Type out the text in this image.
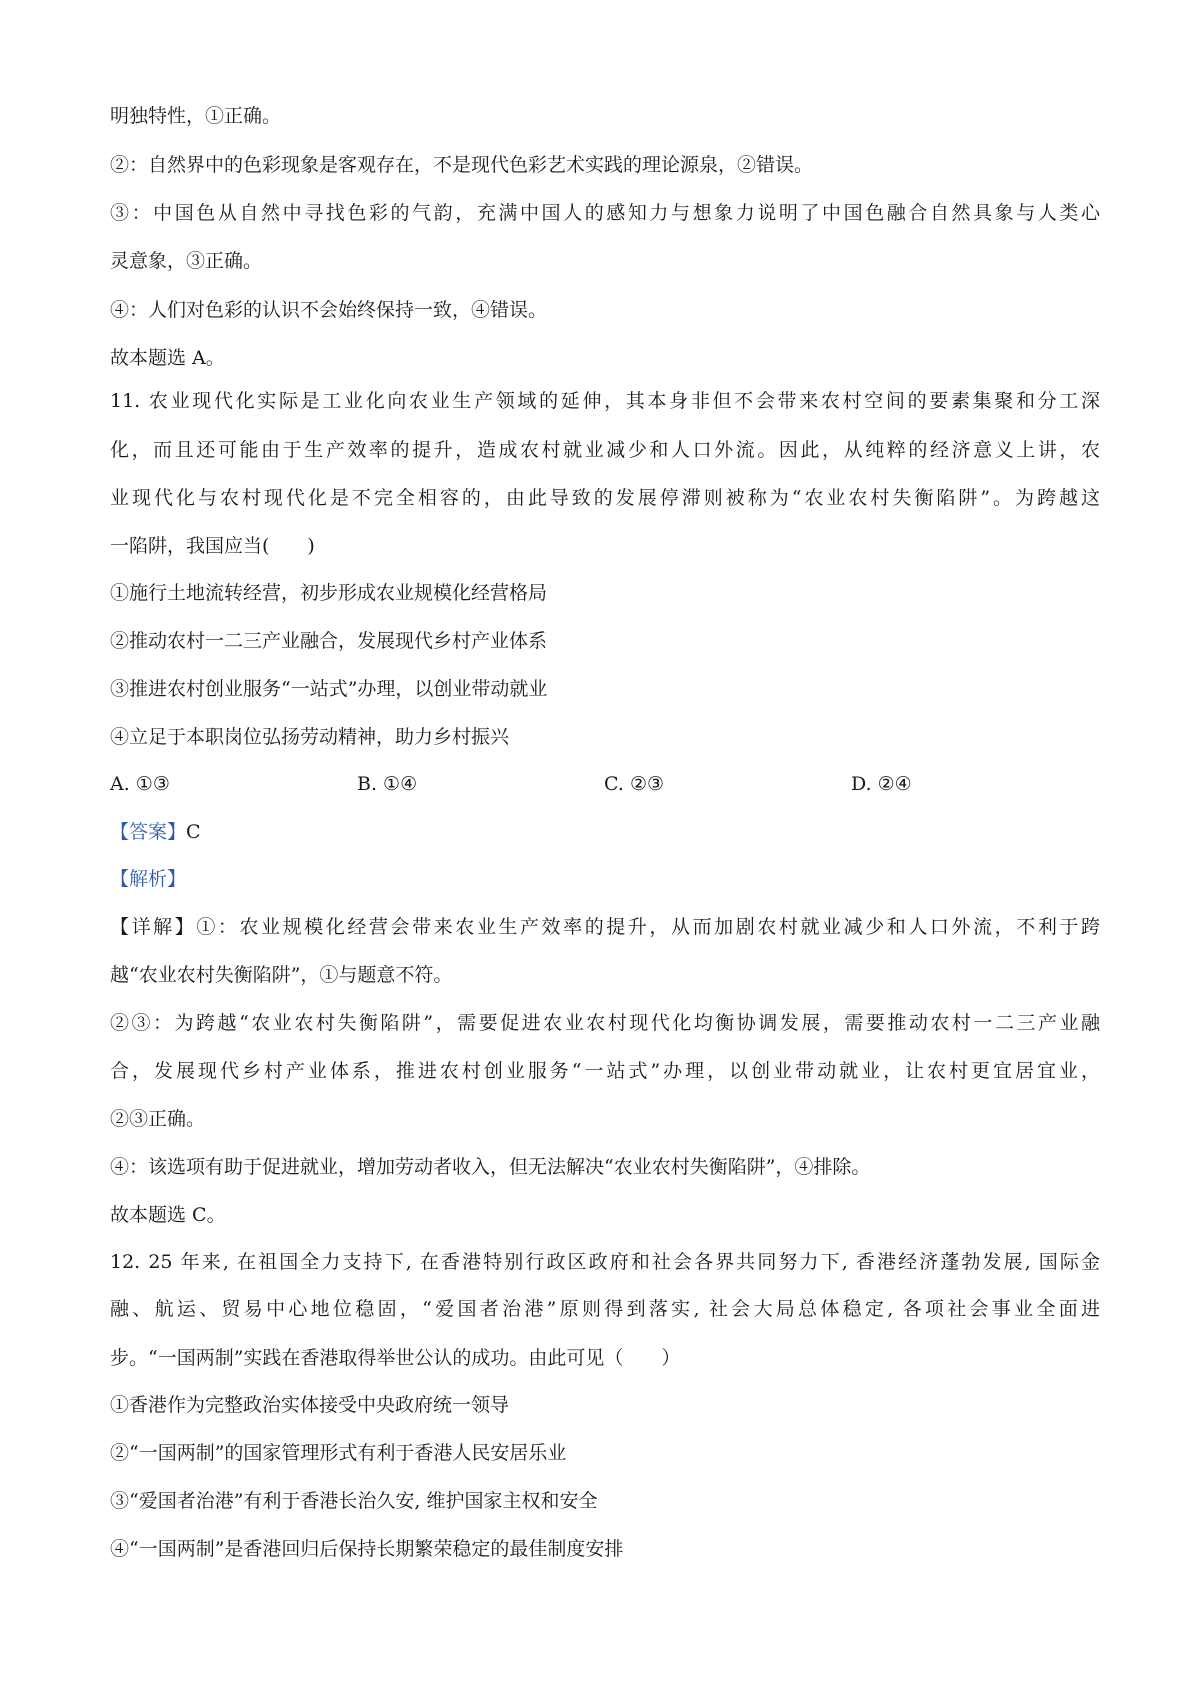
明独特性，①正确。
②：自然界中的色彩现象是客观存在，不是现代色彩艺术实践的理论源泉，②错误。
③：中国色从自然中寻找色彩的气韵，充满中国人的感知力与想象力说明了中国色融合自然具象与人类心
灵意象，③正确。
④：人们对色彩的认识不会始终保持一致，④错误。
故本题选 A。
11. 农业现代化实际是工业化向农业生产领域的延伸，其本身非但不会带来农村空间的要素集聚和分工深
化，而且还可能由于生产效率的提升，造成农村就业减少和人口外流。因此，从纯粹的经济意义上讲，农
业现代化与农村现代化是不完全相容的，由此导致的发展停滞则被称为“农业农村失衡陷阱”。为跨越这
一陷阱，我国应当(　　)
①施行土地流转经营，初步形成农业规模化经营格局
②推动农村一二三产业融合，发展现代乡村产业体系
③推进农村创业服务“一站式”办理，以创业带动就业
④立足于本职岗位弘扬劳动精神，助力乡村振兴
A. ①③	B. ①④	C. ②③	D. ②④
【答案】C
【解析】
【详解】①：农业规模化经营会带来农业生产效率的提升，从而加剧农村就业减少和人口外流，不利于跨
越“农业农村失衡陷阱”，①与题意不符。
②③：为跨越“农业农村失衡陷阱”，需要促进农业农村现代化均衡协调发展，需要推动农村一二三产业融
合，发展现代乡村产业体系，推进农村创业服务“一站式”办理，以创业带动就业，让农村更宜居宜业，
②③正确。
④：该选项有助于促进就业，增加劳动者收入，但无法解决“农业农村失衡陷阱”，④排除。
故本题选 C。
12. 25 年来, 在祖国全力支持下, 在香港特别行政区政府和社会各界共同努力下, 香港经济蓬勃发展, 国际金
融、航运、贸易中心地位稳固，“爱国者治港”原则得到落实, 社会大局总体稳定, 各项社会事业全面进
步。“一国两制”实践在香港取得举世公认的成功。由此可见（　　）
①香港作为完整政治实体接受中央政府统一领导
②“一国两制”的国家管理形式有利于香港人民安居乐业
③“爱国者治港”有利于香港长治久安, 维护国家主权和安全
④“一国两制”是香港回归后保持长期繁荣稳定的最佳制度安排
